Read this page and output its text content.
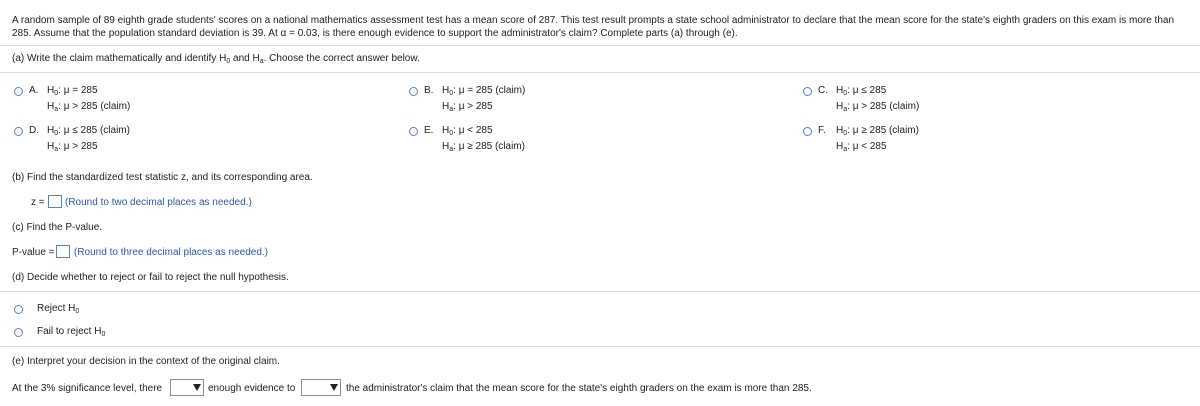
A random sample of 89 eighth grade students' scores on a national mathematics assessment test has a mean score of 287. This test result prompts a state school administrator to declare that the mean score for the state's eighth graders on this exam is more than 285. Assume that the population standard deviation is 39. At α = 0.03, is there enough evidence to support the administrator's claim? Complete parts (a) through (e).
(a) Write the claim mathematically and identify $H_0$ and $H_a$. Choose the correct answer below.
A. $H_0$: μ = 285
$H_a$: μ > 285 (claim)
B. $H_0$: μ = 285 (claim)
$H_a$: μ > 285
C. $H_0$: μ ≤ 285
$H_a$: μ > 285 (claim)
D. $H_0$: μ ≤ 285 (claim)
$H_a$: μ > 285
E. $H_0$: μ < 285
$H_a$: μ ≥ 285 (claim)
F. $H_0$: μ ≥ 285 (claim)
$H_a$: μ < 285
(b) Find the standardized test statistic z, and its corresponding area.
z = (Round to two decimal places as needed.)
(c) Find the P-value.
P-value = (Round to three decimal places as needed.)
(d) Decide whether to reject or fail to reject the null hypothesis.
Reject $H_0$
Fail to reject $H_0$
(e) Interpret your decision in the context of the original claim.
At the 3% significance level, there	enough evidence to	the administrator's claim that the mean score for the state's eighth graders on the exam is more than 285.
